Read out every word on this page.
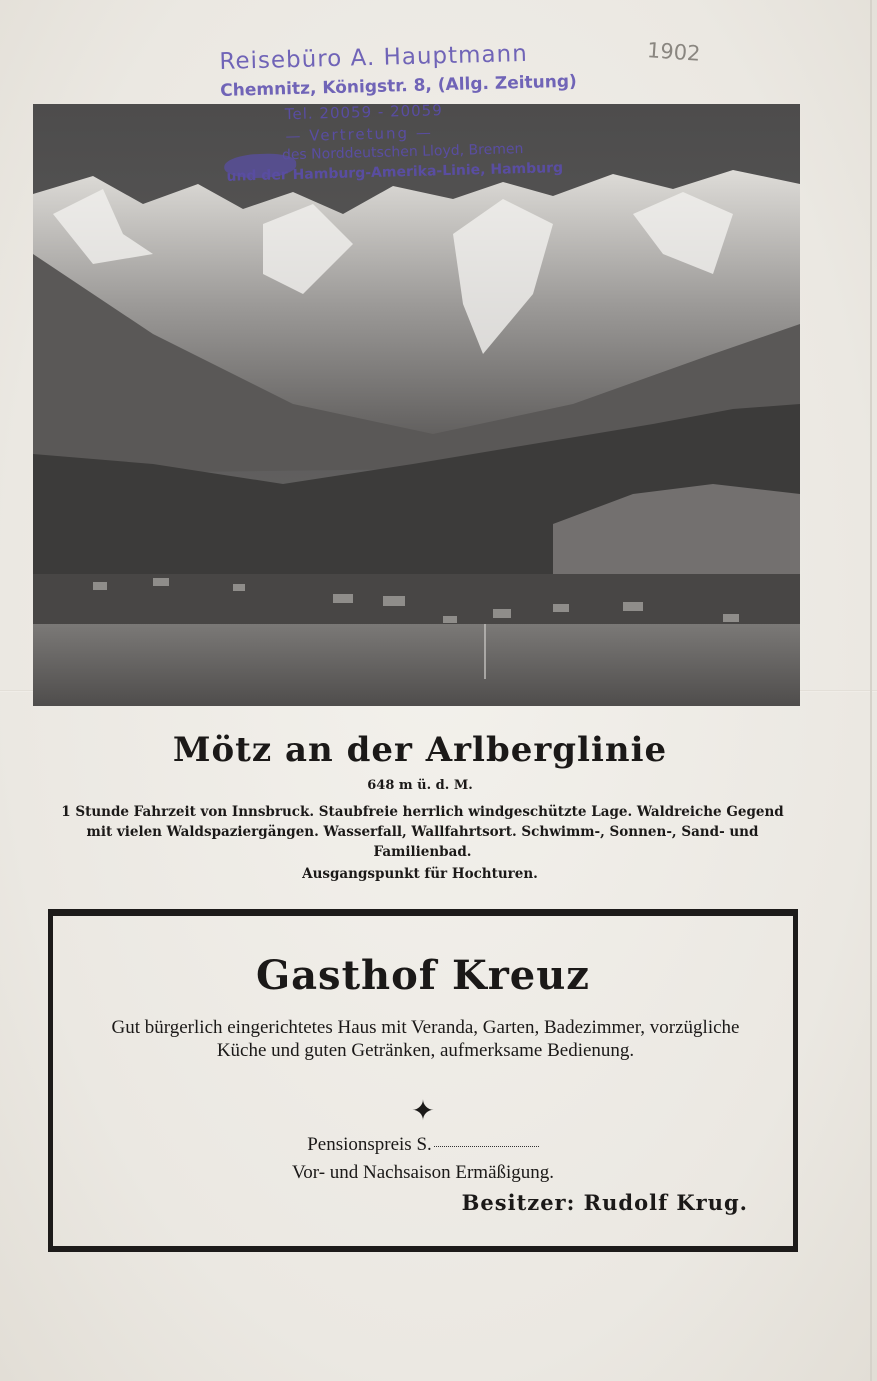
1902
Reisebüro A. Hauptmann
Chemnitz, Königstr. 8, (Allg. Zeitung)
Tel. 20059 - 20059
— Vertretung —
des Norddeutschen Lloyd, Bremen
und der Hamburg-Amerika-Linie, Hamburg
Mötz an der Arlberglinie
648 m ü. d. M.
1 Stunde Fahrzeit von Innsbruck. Staubfreie herrlich windgeschützte Lage. Waldreiche Gegend mit vielen Waldspaziergängen. Wasserfall, Wallfahrtsort. Schwimm-, Sonnen-, Sand- und Familienbad.
Ausgangspunkt für Hochturen.
Gasthof Kreuz
Gut bürgerlich eingerichtetes Haus mit Veranda, Garten, Badezimmer, vorzügliche Küche und guten Getränken, aufmerksame Bedienung.
✦
Pensionspreis S.
Vor- und Nachsaison Ermäßigung.
Besitzer: Rudolf Krug.
